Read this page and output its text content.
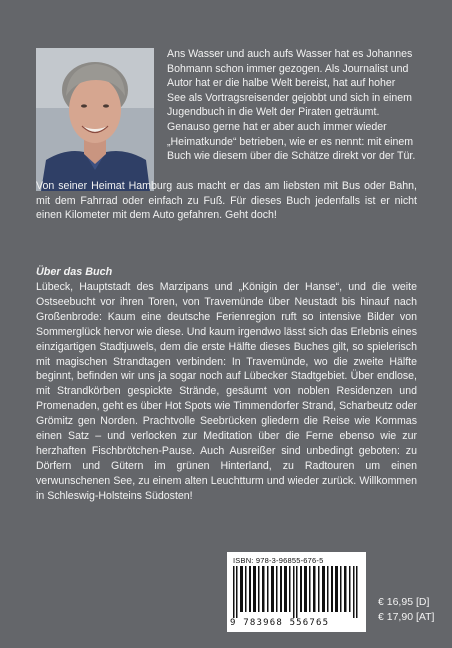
Ans Wasser und auch aufs Wasser hat es Johannes Bohmann schon immer gezogen. Als Journalist und Autor hat er die halbe Welt bereist, hat auf hoher See als Vortragsreisender gejobbt und sich in einem Jugendbuch in die Welt der Piraten geträumt. Genauso gerne hat er aber auch immer wieder „Heimatkunde“ betrieben, wie er es nennt: mit einem Buch wie diesem über die Schätze direkt vor der Tür.

Von seiner Heimat Hamburg aus macht er das am liebsten mit Bus oder Bahn, mit dem Fahrrad oder einfach zu Fuß. Für dieses Buch jedenfalls ist er nicht einen Kilometer mit dem Auto gefahren. Geht doch!

Über das Buch

Lübeck, Hauptstadt des Marzipans und „Königin der Hanse“, und die weite Ostseebucht vor ihren Toren, von Travemünde über Neustadt bis hinauf nach Großenbrode: Kaum eine deutsche Ferienregion ruft so intensive Bilder von Sommerglück hervor wie diese. Und kaum irgendwo lässt sich das Erlebnis eines einzigartigen Stadtjuwels, dem die erste Hälfte dieses Buches gilt, so spielerisch mit magischen Strandtagen verbinden: In Travemünde, wo die zweite Hälfte beginnt, befinden wir uns ja sogar noch auf Lübecker Stadtgebiet. Über endlose, mit Strandkörben gespickte Strände, gesäumt von noblen Residenzen und Promenaden, geht es über Hot Spots wie Timmendorfer Strand, Scharbeutz oder Grömitz gen Norden. Prachtvolle Seebrücken gliedern die Reise wie Kommas einen Satz – und verlocken zur Meditation über die Ferne ebenso wie zur herzhaften Fischbrötchen-Pause. Auch Ausreißer sind unbedingt geboten: zu Dörfern und Gütern im grünen Hinterland, zu Radtouren um einen verwunschenen See, zu einem alten Leuchtturm und wieder zurück. Willkommen in Schleswig-Holsteins Südosten!

ISBN: 978-3-96855-676-5
9 783968 556765
€ 16,95 [D]
€ 17,90 [AT]
